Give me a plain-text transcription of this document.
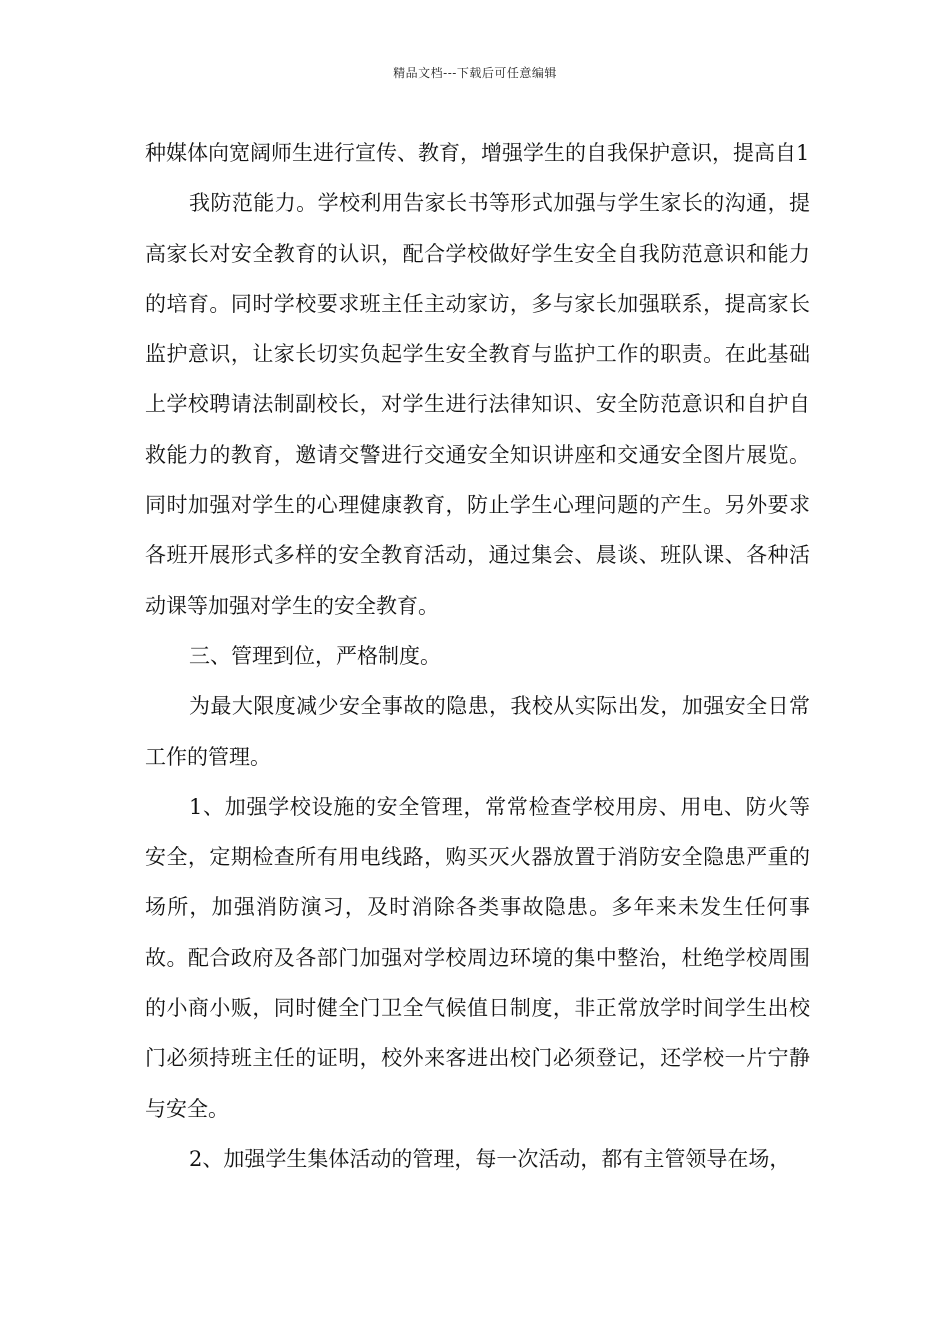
精品文档---下载后可任意编辑

种媒体向宽阔师生进行宣传、教育，增强学生的自我保护意识，提高自1

我防范能力。学校利用告家长书等形式加强与学生家长的沟通，提高家长对安全教育的认识，配合学校做好学生安全自我防范意识和能力的培育。同时学校要求班主任主动家访，多与家长加强联系，提高家长监护意识，让家长切实负起学生安全教育与监护工作的职责。在此基础上学校聘请法制副校长，对学生进行法律知识、安全防范意识和自护自救能力的教育，邀请交警进行交通安全知识讲座和交通安全图片展览。同时加强对学生的心理健康教育，防止学生心理问题的产生。另外要求各班开展形式多样的安全教育活动，通过集会、晨谈、班队课、各种活动课等加强对学生的安全教育。

三、管理到位，严格制度。

为最大限度减少安全事故的隐患，我校从实际出发，加强安全日常工作的管理。

1、加强学校设施的安全管理，常常检查学校用房、用电、防火等安全，定期检查所有用电线路，购买灭火器放置于消防安全隐患严重的场所，加强消防演习，及时消除各类事故隐患。多年来未发生任何事故。配合政府及各部门加强对学校周边环境的集中整治，杜绝学校周围的小商小贩，同时健全门卫全气候值日制度，非正常放学时间学生出校门必须持班主任的证明，校外来客进出校门必须登记，还学校一片宁静与安全。

2、加强学生集体活动的管理，每一次活动，都有主管领导在场，
